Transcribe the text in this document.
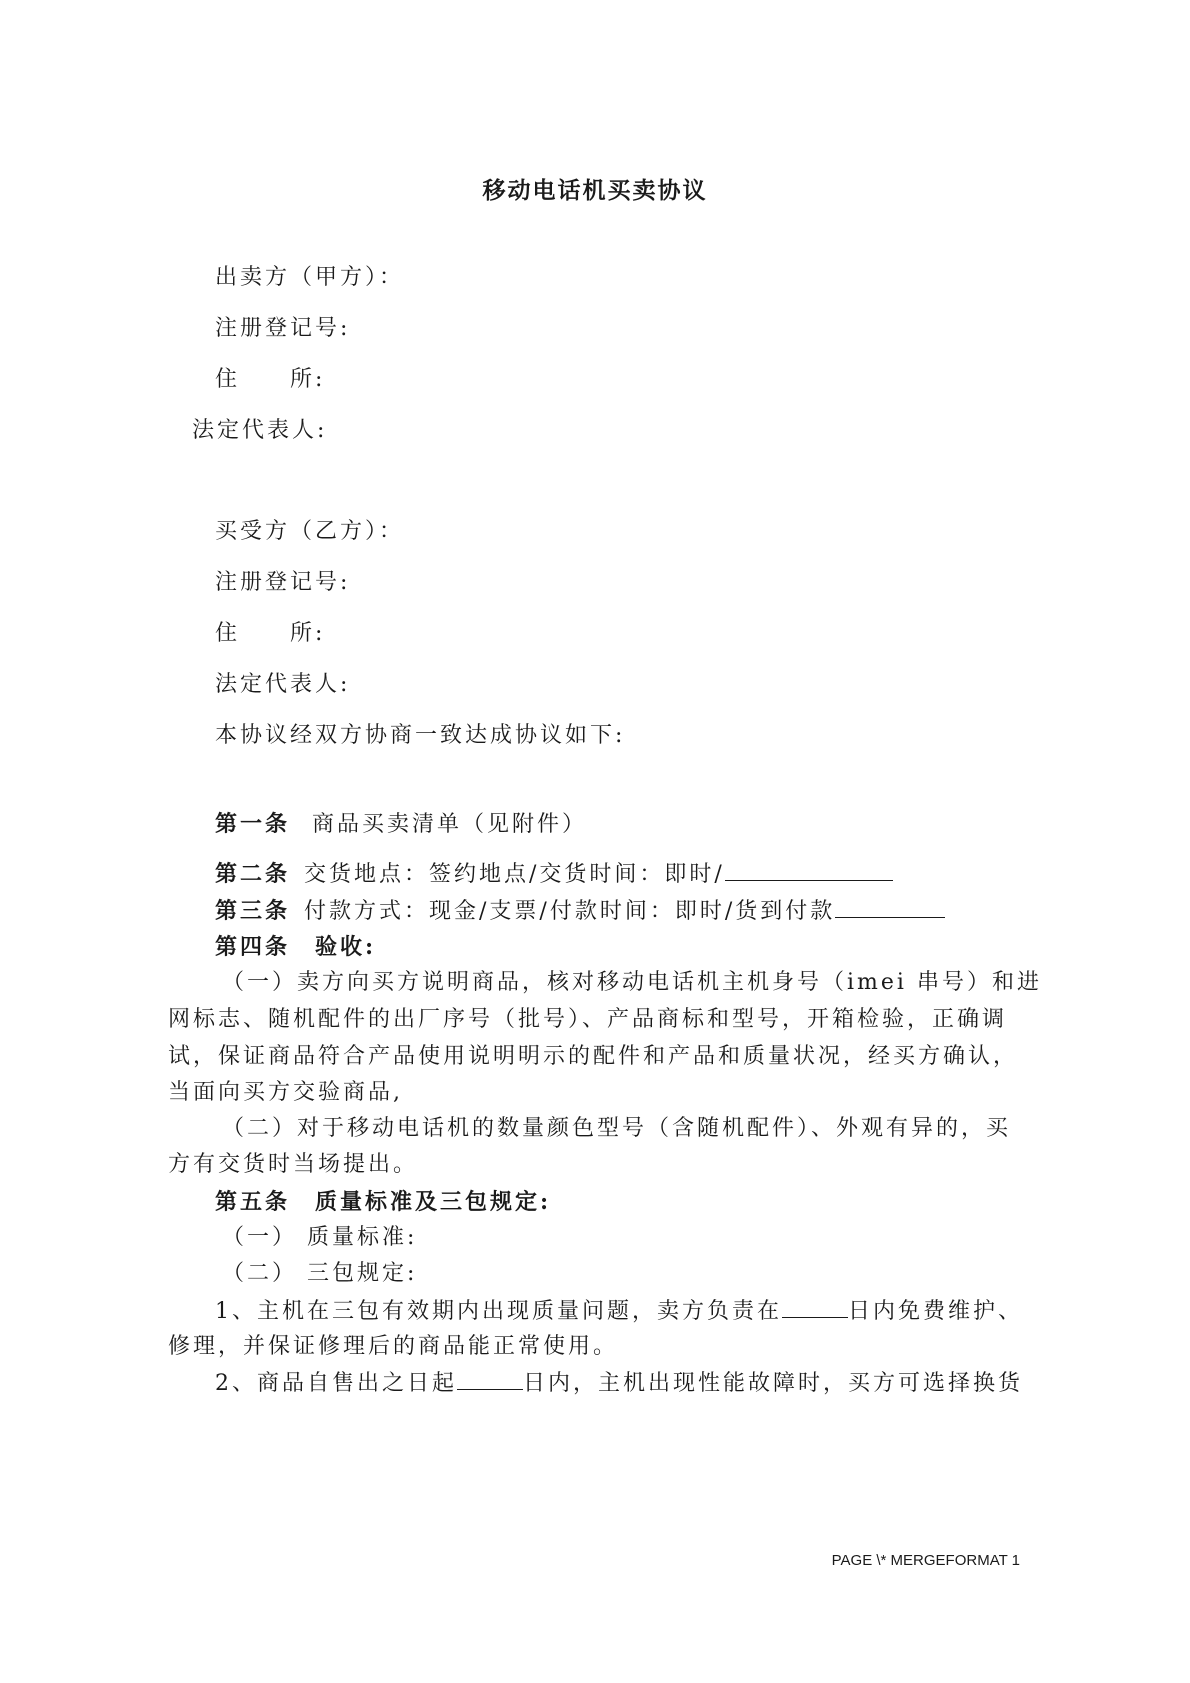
移动电话机买卖协议
出卖方（甲方）：
注册登记号:
住　　所:
法定代表人:
买受方（乙方）：
注册登记号:
住　　所:
法定代表人:
本协议经双方协商一致达成协议如下:
第一条 商品买卖清单（见附件）
第二条 交货地点：签约地点/交货时间：即时/
第三条 付款方式：现金/支票/付款时间：即时/货到付款
第四条　验收:
（一）卖方向买方说明商品，核对移动电话机主机身号（imei 串号）和进
网标志、随机配件的出厂序号（批号）、产品商标和型号，开箱检验，正确调
试，保证商品符合产品使用说明明示的配件和产品和质量状况，经买方确认，
当面向买方交验商品,
（二）对于移动电话机的数量颜色型号（含随机配件）、外观有异的，买
方有交货时当场提出。
第五条　质量标准及三包规定:
（一） 质量标准:
（二） 三包规定:
1、主机在三包有效期内出现质量问题，卖方负责在	日内免费维护、
修理，并保证修理后的商品能正常使用。
2、商品自售出之日起	日内，主机出现性能故障时，买方可选择换货
PAGE \* MERGEFORMAT 1
